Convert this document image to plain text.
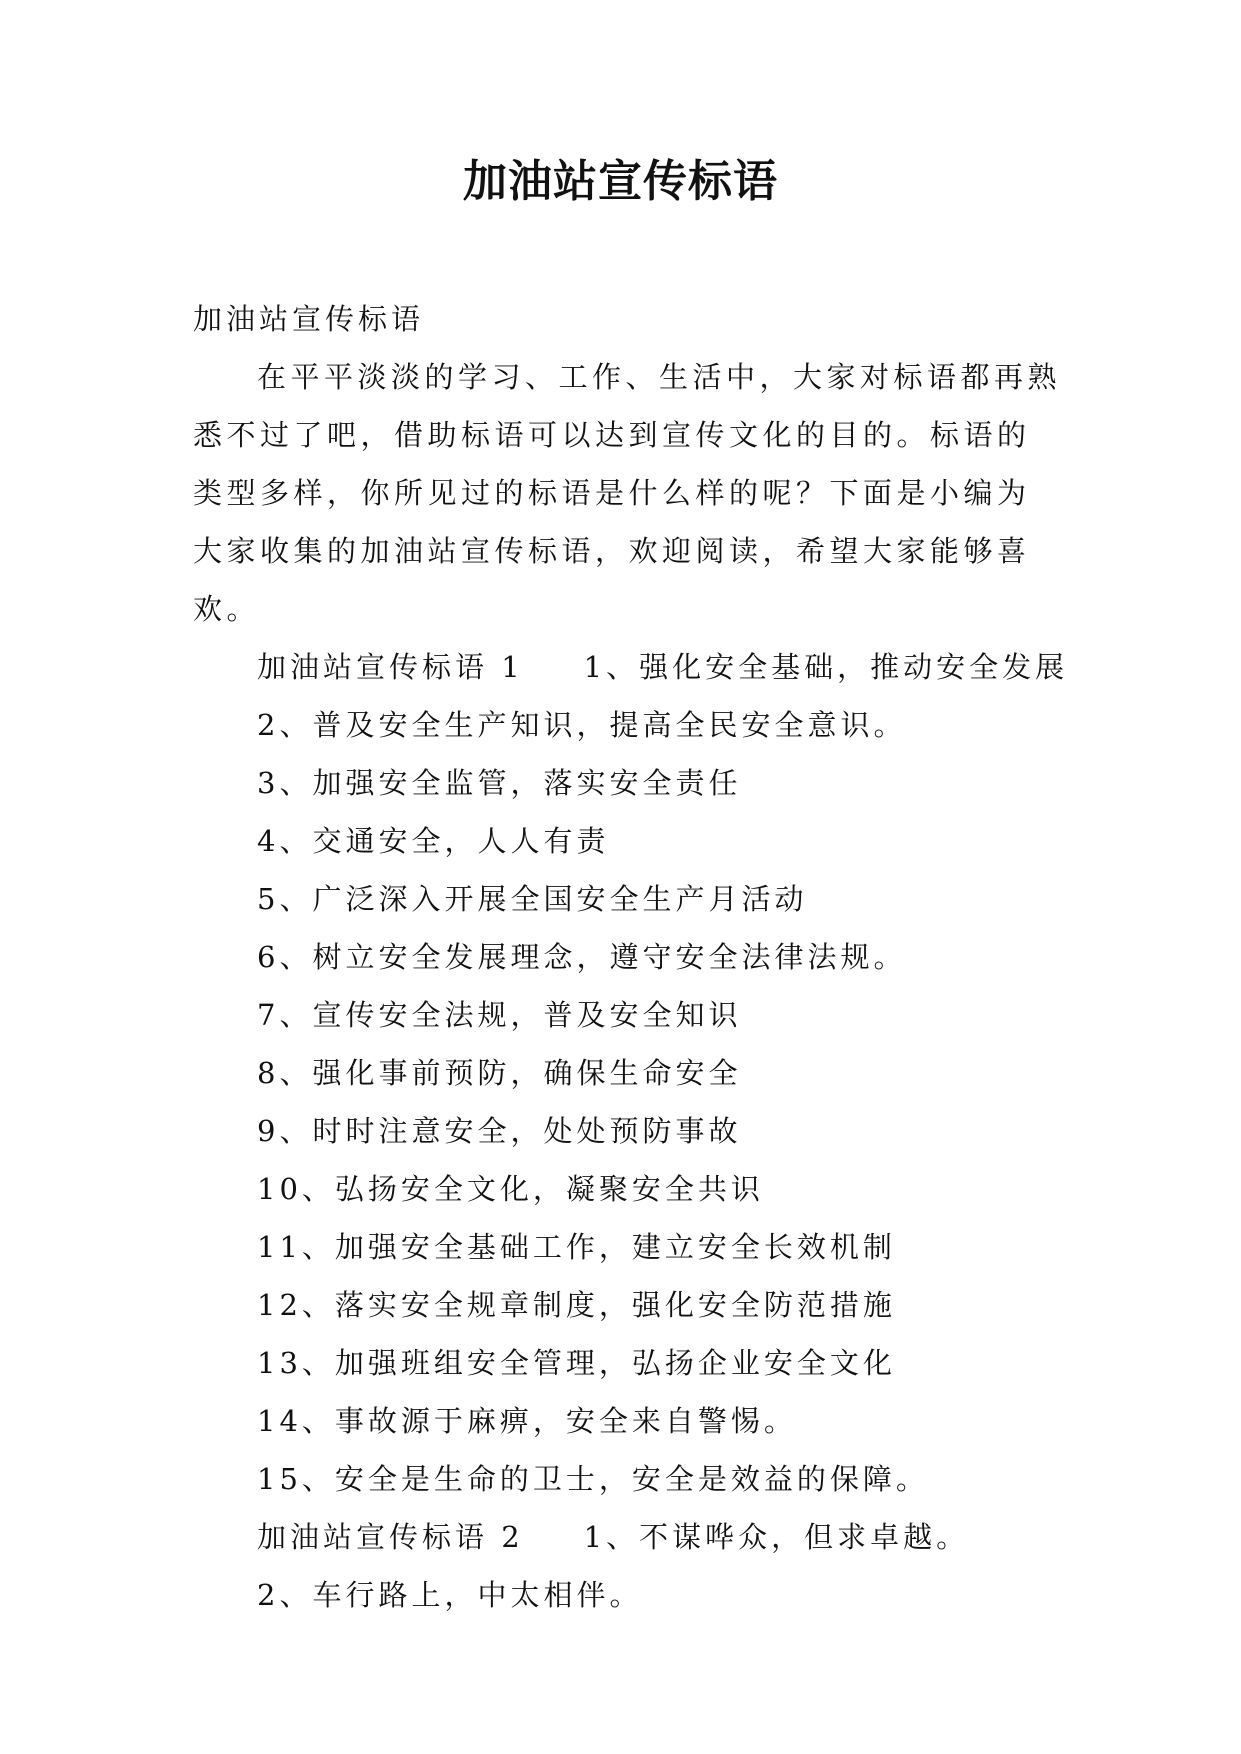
加油站宣传标语
加油站宣传标语
在平平淡淡的学习、工作、生活中，大家对标语都再熟悉不过了吧，借助标语可以达到宣传文化的目的。标语的类型多样，你所见过的标语是什么样的呢？下面是小编为大家收集的加油站宣传标语，欢迎阅读，希望大家能够喜欢。
加油站宣传标语 1 1、强化安全基础，推动安全发展
2、普及安全生产知识，提高全民安全意识。
3、加强安全监管，落实安全责任
4、交通安全，人人有责
5、广泛深入开展全国安全生产月活动
6、树立安全发展理念，遵守安全法律法规。
7、宣传安全法规，普及安全知识
8、强化事前预防，确保生命安全
9、时时注意安全，处处预防事故
10、弘扬安全文化，凝聚安全共识
11、加强安全基础工作，建立安全长效机制
12、落实安全规章制度，强化安全防范措施
13、加强班组安全管理，弘扬企业安全文化
14、事故源于麻痹，安全来自警惕。
15、安全是生命的卫士，安全是效益的保障。
加油站宣传标语 2 1、不谋哗众，但求卓越。
2、车行路上，中太相伴。
